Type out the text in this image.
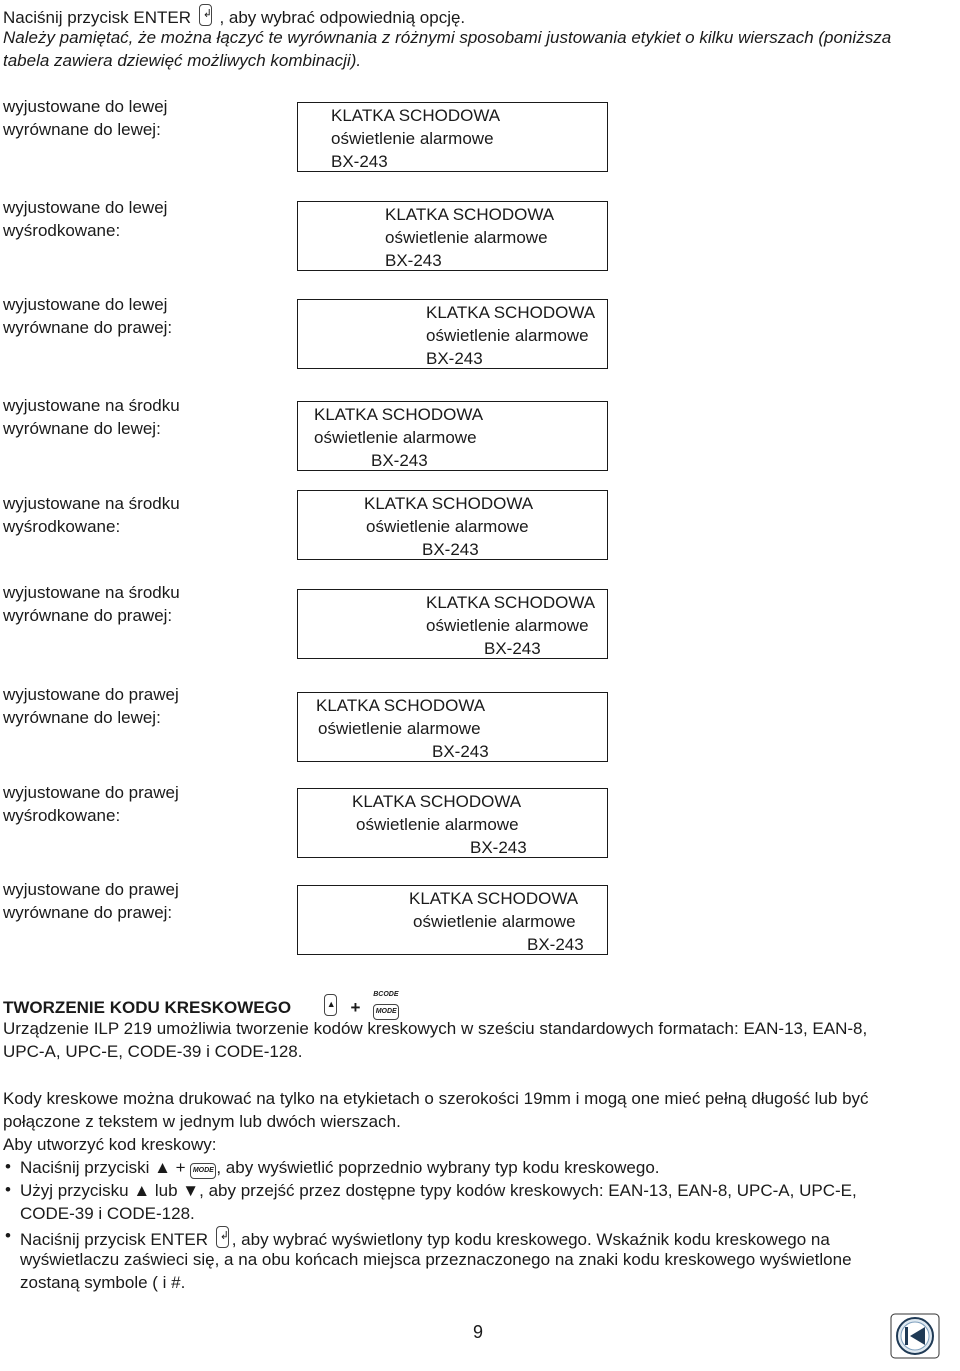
Naciśnij przycisk ENTER ↲ , aby wybrać odpowiednią opcję.
Należy pamiętać, że można łączyć te wyrównania z różnymi sposobami justowania etykiet o kilku wierszach (poniższa
tabela zawiera dziewięć możliwych kombinacji).
wyjustowane do lewej
wyrównane do lewej:
KLATKA SCHODOWA
oświetlenie alarmowe
BX-243
wyjustowane do lewej
wyśrodkowane:
KLATKA SCHODOWA
oświetlenie alarmowe
BX-243
wyjustowane do lewej
wyrównane do prawej:
KLATKA SCHODOWA
oświetlenie alarmowe
BX-243
wyjustowane na środku
wyrównane do lewej:
KLATKA SCHODOWA
oświetlenie alarmowe
BX-243
wyjustowane na środku
wyśrodkowane:
KLATKA SCHODOWA
oświetlenie alarmowe
BX-243
wyjustowane na środku
wyrównane do prawej:
KLATKA SCHODOWA
oświetlenie alarmowe
BX-243
wyjustowane do prawej
wyrównane do lewej:
KLATKA SCHODOWA
oświetlenie alarmowe
BX-243
wyjustowane do prawej
wyśrodkowane:
KLATKA SCHODOWA
oświetlenie alarmowe
BX-243
wyjustowane do prawej
wyrównane do prawej:
KLATKA SCHODOWA
oświetlenie alarmowe
BX-243
TWORZENIE KODU KRESKOWEGO	▲ +
BCODE
MODE
Urządzenie ILP 219 umożliwia tworzenie kodów kreskowych w sześciu standardowych formatach: EAN-13, EAN-8,
UPC-A, UPC-E, CODE-39 i CODE-128.
Kody kreskowe można drukować na tylko na etykietach o szerokości 19mm i mogą one mieć pełną długość lub być
połączone z tekstem w jednym lub dwóch wierszach.
Aby utworzyć kod kreskowy:
• Naciśnij przyciski ▲ + MODE , aby wyświetlić poprzednio wybrany typ kodu kreskowego.
• Użyj przycisku ▲ lub ▼, aby przejść przez dostępne typy kodów kreskowych: EAN-13, EAN-8, UPC-A, UPC-E,
CODE-39 i CODE-128.
• Naciśnij przycisk ENTER ↲ , aby wybrać wyświetlony typ kodu kreskowego. Wskaźnik kodu kreskowego na
wyświetlaczu zaświeci się, a na obu końcach miejsca przeznaczonego na znaki kodu kreskowego wyświetlone
zostaną symbole ( i #.
9
